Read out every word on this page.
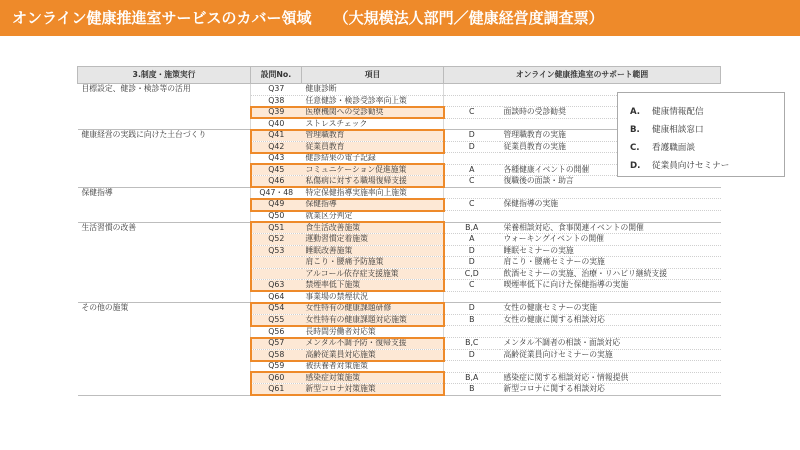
オンライン健康推進室サービスのカバー領域 （大規模法人部門／健康経営度調査票）
3.制度・施策実行	設問No.	項目	オンライン健康推進室のサポート範囲	
目標設定、健診・検診等の活用	Q37	健康診断		
	Q38	任意健診・検診受診率向上策		
	Q39	医療機関への受診勧奨	C	面談時の受診勧奨
	Q40	ストレスチェック		
健康経営の実践に向けた土台づくり	Q41	管理職教育	D	管理職教育の実施
	Q42	従業員教育	D	従業員教育の実施
	Q43	健診結果の電子記録		
	Q45	コミュニケーション促進施策	A	各種健康イベントの開催
	Q46	私傷病に対する職場復帰支援	C	復職後の面談・助言
保健指導	Q47・48	特定保健指導実施率向上施策		
	Q49	保健指導	C	保健指導の実施
	Q50	就業区分判定		
生活習慣の改善	Q51	食生活改善施策	B,A	栄養相談対応、食事関連イベントの開催
	Q52	運動習慣定着施策	A	ウォーキングイベントの開催
	Q53	睡眠改善施策	D	睡眠セミナーの実施
		肩こり・腰痛予防施策	D	肩こり・腰痛セミナーの実施
		アルコール依存症支援施策	C,D	飲酒セミナーの実施、治療・リハビリ継続支援
	Q63	禁煙率低下施策	C	喫煙率低下に向けた保健指導の実施
	Q64	事業場の禁煙状況		
その他の施策	Q54	女性特有の健康課題研修	D	女性の健康セミナーの実施
	Q55	女性特有の健康課題対応施策	B	女性の健康に関する相談対応
	Q56	長時間労働者対応策		
	Q57	メンタル不調予防・復帰支援	B,C	メンタル不調者の相談・面談対応
	Q58	高齢従業員対応施策	D	高齢従業員向けセミナーの実施
	Q59	被扶養者対策施策		
	Q60	感染症対策施策	B,A	感染症に関する相談対応・情報提供
	Q61	新型コロナ対策施策	B	新型コロナに関する相談対応
A. 健康情報配信
B. 健康相談窓口
C. 看護職面談
D. 従業員向けセミナー
